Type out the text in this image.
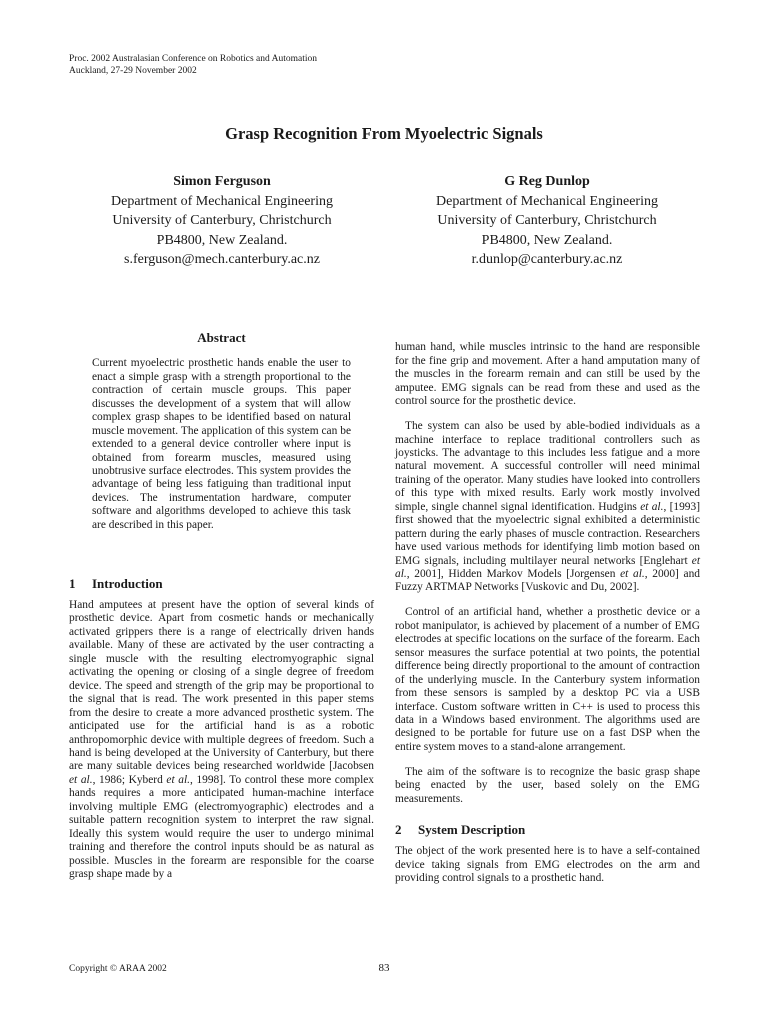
Proc. 2002 Australasian Conference on Robotics and Automation
Auckland, 27-29 November 2002
Grasp Recognition From Myoelectric Signals
Simon Ferguson
Department of Mechanical Engineering
University of Canterbury, Christchurch
PB4800, New Zealand.
s.ferguson@mech.canterbury.ac.nz
G Reg Dunlop
Department of Mechanical Engineering
University of Canterbury, Christchurch
PB4800, New Zealand.
r.dunlop@canterbury.ac.nz
Abstract

Current myoelectric prosthetic hands enable the user to enact a simple grasp with a strength proportional to the contraction of certain muscle groups. This paper discusses the development of a system that will allow complex grasp shapes to be identified based on natural muscle movement. The application of this system can be extended to a general device controller where input is obtained from forearm muscles, measured using unobtrusive surface electrodes. This system provides the advantage of being less fatiguing than traditional input devices. The instrumentation hardware, computer software and algorithms developed to achieve this task are described in this paper.

1 Introduction

Hand amputees at present have the option of several kinds of prosthetic device. Apart from cosmetic hands or mechanically activated grippers there is a range of electrically driven hands available. Many of these are activated by the user contracting a single muscle with the resulting electromyographic signal activating the opening or closing of a single degree of freedom device. The speed and strength of the grip may be proportional to the signal that is read. The work presented in this paper stems from the desire to create a more advanced prosthetic system. The anticipated use for the artificial hand is as a robotic anthropomorphic device with multiple degrees of freedom. Such a hand is being developed at the University of Canterbury, but there are many suitable devices being researched worldwide [Jacobsen et al., 1986; Kyberd et al., 1998]. To control these more complex hands requires a more anticipated human-machine interface involving multiple EMG (electromyographic) electrodes and a suitable pattern recognition system to interpret the raw signal. Ideally this system would require the user to undergo minimal training and therefore the control inputs should be as natural as possible. Muscles in the forearm are responsible for the coarse grasp shape made by a

human hand, while muscles intrinsic to the hand are responsible for the fine grip and movement. After a hand amputation many of the muscles in the forearm remain and can still be used by the amputee. EMG signals can be read from these and used as the control source for the prosthetic device.

The system can also be used by able-bodied individuals as a machine interface to replace traditional controllers such as joysticks. The advantage to this includes less fatigue and a more natural movement. A successful controller will need minimal training of the operator. Many studies have looked into controllers of this type with mixed results. Early work mostly involved simple, single channel signal identification. Hudgins et al., [1993] first showed that the myoelectric signal exhibited a deterministic pattern during the early phases of muscle contraction. Researchers have used various methods for identifying limb motion based on EMG signals, including multilayer neural networks [Englehart et al., 2001], Hidden Markov Models [Jorgensen et al., 2000] and Fuzzy ARTMAP Networks [Vuskovic and Du, 2002].

Control of an artificial hand, whether a prosthetic device or a robot manipulator, is achieved by placement of a number of EMG electrodes at specific locations on the surface of the forearm. Each sensor measures the surface potential at two points, the potential difference being directly proportional to the amount of contraction of the underlying muscle. In the Canterbury system information from these sensors is sampled by a desktop PC via a USB interface. Custom software written in C++ is used to process this data in a Windows based environment. The algorithms used are designed to be portable for future use on a fast DSP when the entire system moves to a stand-alone arrangement.

The aim of the software is to recognize the basic grasp shape being enacted by the user, based solely on the EMG measurements.

2 System Description

The object of the work presented here is to have a self-contained device taking signals from EMG electrodes on the arm and providing control signals to a prosthetic hand.

Copyright © ARAA 2002	83
